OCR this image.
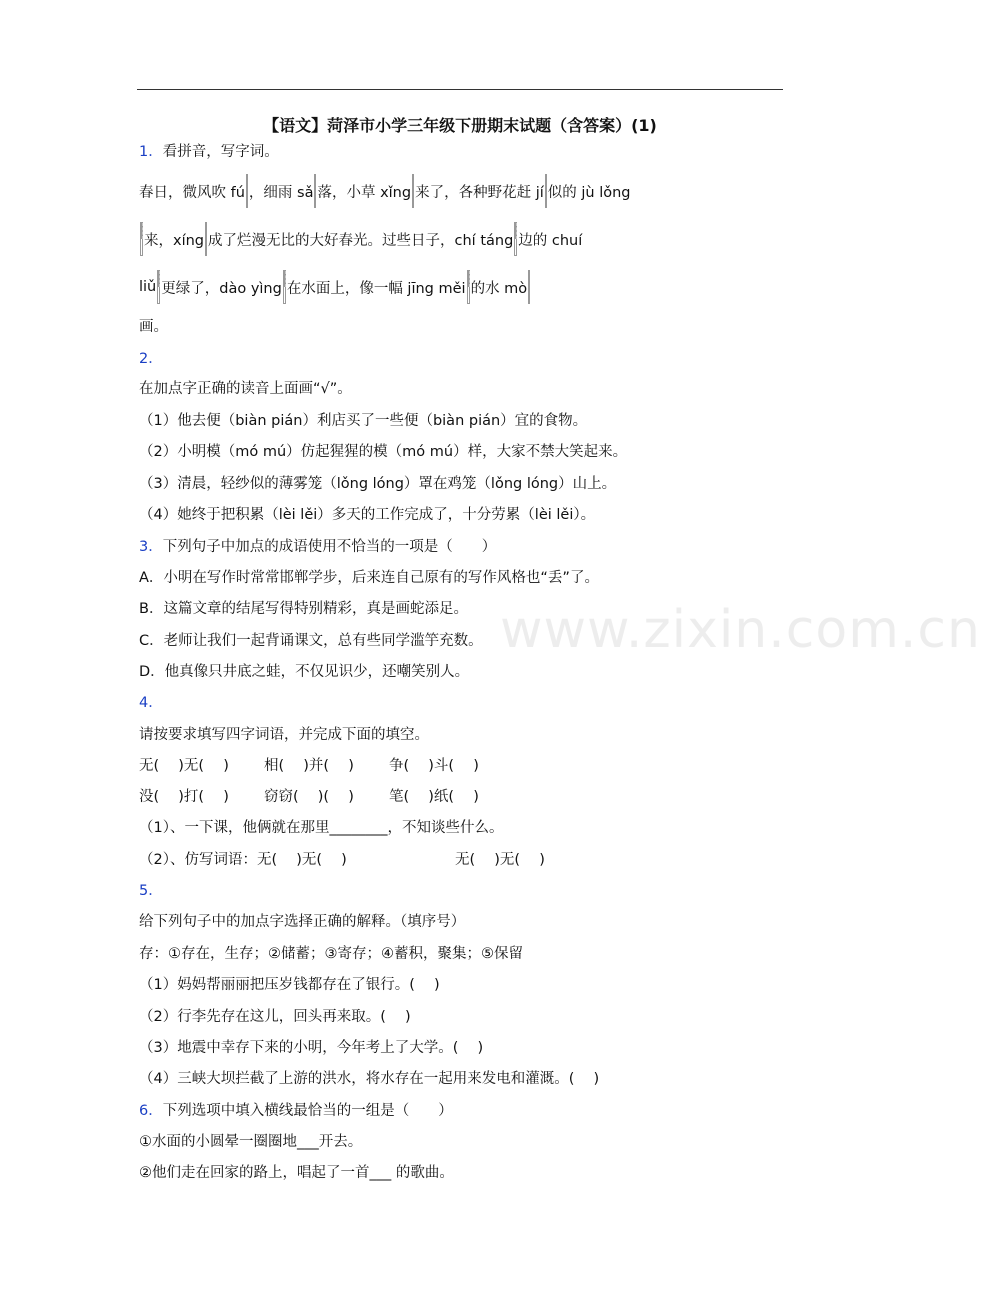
www.zixin.com.cn
【语文】菏泽市小学三年级下册期末试题（含答案）(1)
1．看拼音，写字词。
春日，微风吹 fú ，细雨 sǎ 落，小草 xǐng 来了，各种野花赶 jí 似的 jù lǒng
来，xíng 成了烂漫无比的大好春光。过些日子，chí táng 边的 chuí
liǔ 更绿了，dào yìng 在水面上，像一幅 jīng měi 的水 mò
画。
2．
在加点字正确的读音上面画“√”。
（1）他去便（biàn pián）利店买了一些便（biàn pián）宜的食物。
（2）小明模（mó mú）仿起猩猩的模（mó mú）样，大家不禁大笑起来。
（3）清晨，轻纱似的薄雾笼（lǒng lóng）罩在鸡笼（lǒng lóng）山上。
（4）她终于把积累（lèi lěi）多天的工作完成了，十分劳累（lèi lěi）。
3．下列句子中加点的成语使用不恰当的一项是（　　）
A．小明在写作时常常邯郸学步，后来连自己原有的写作风格也“丢”了。
B．这篇文章的结尾写得特别精彩，真是画蛇添足。
C．老师让我们一起背诵课文，总有些同学滥竽充数。
D．他真像只井底之蛙，不仅见识少，还嘲笑别人。
4．
请按要求填写四字词语，并完成下面的填空。
无(　 )无(　 ) 相(　 )并(　 ) 争(　 )斗(　 )
没(　 )打(　 ) 窃窃(　 )(　 ) 笔(　 )纸(　 )
（1）、一下课，他俩就在那里________，不知谈些什么。
（2）、仿写词语：无(　 )无(　 )	无(　 )无(　 )
5．
给下列句子中的加点字选择正确的解释。（填序号）
存：①存在，生存；②储蓄；③寄存；④蓄积，聚集；⑤保留
（1）妈妈帮丽丽把压岁钱都存在了银行。(　 )
（2）行李先存在这儿，回头再来取。(　 )
（3）地震中幸存下来的小明，今年考上了大学。(　 )
（4）三峡大坝拦截了上游的洪水，将水存在一起用来发电和灌溉。(　 )
6．下列选项中填入横线最恰当的一组是（　　）
①水面的小圆晕一圈圈地___开去。
②他们走在回家的路上，唱起了一首___ 的歌曲。
